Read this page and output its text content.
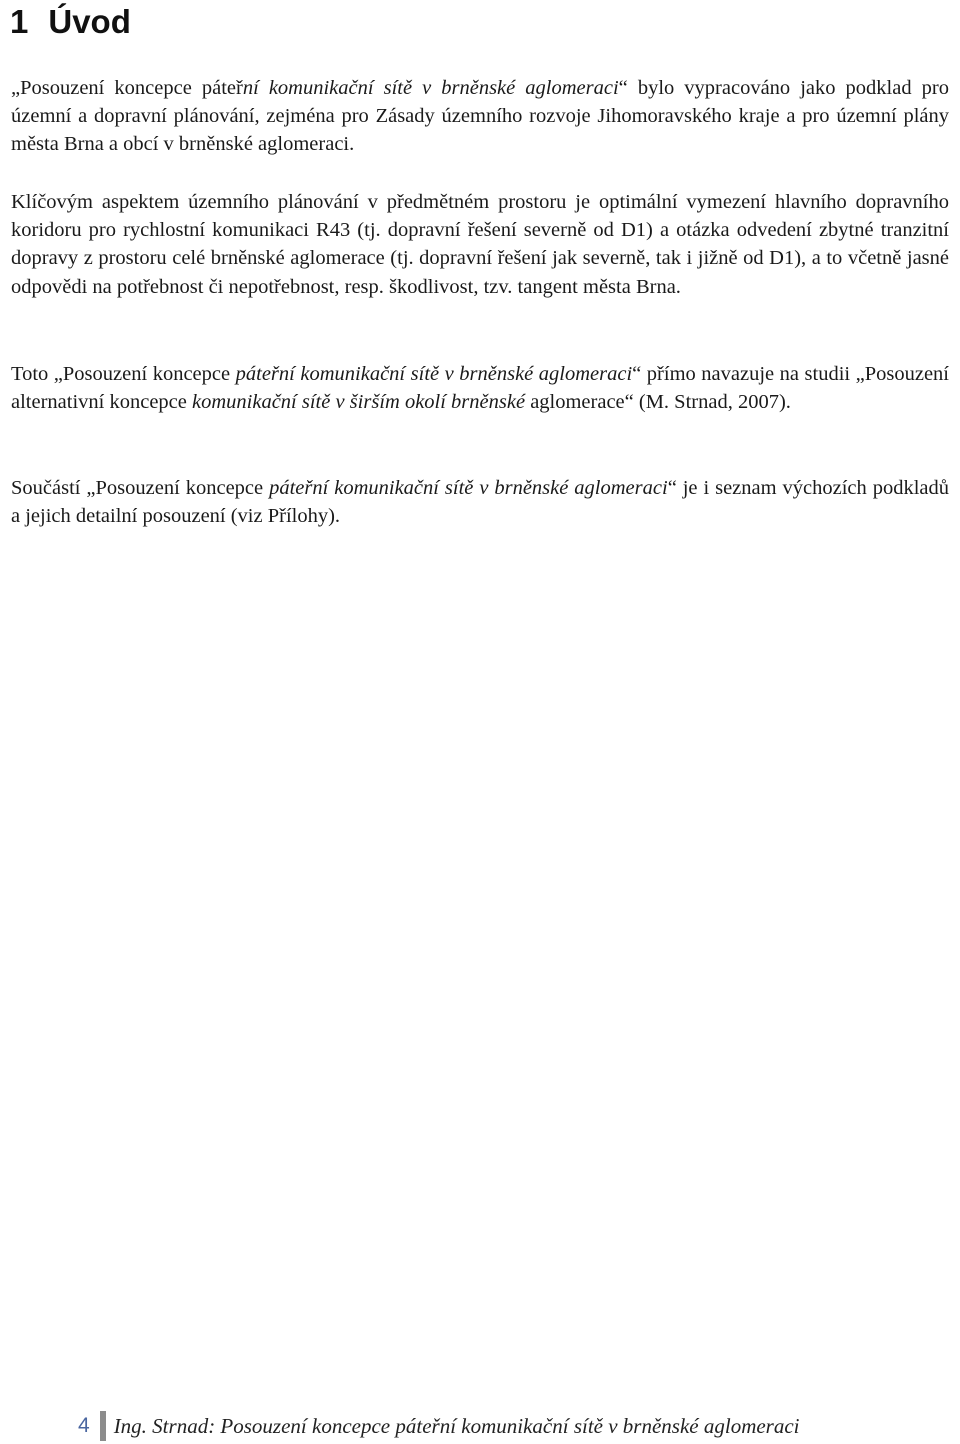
1 Úvod

„Posouzení koncepce páteřní komunikační sítě v brněnské aglomeraci“ bylo vypracováno jako podklad pro územní a dopravní plánování, zejména pro Zásady územního rozvoje Jihomoravského kraje a pro územní plány města Brna a obcí v brněnské aglomeraci.

Klíčovým aspektem územního plánování v předmětném prostoru je optimální vymezení hlavního dopravního koridoru pro rychlostní komunikaci R43 (tj. dopravní řešení severně od D1) a otázka odvedení zbytné tranzitní dopravy z prostoru celé brněnské aglomerace (tj. dopravní řešení jak severně, tak i jižně od D1), a to včetně jasné odpovědi na potřebnost či nepotřebnost, resp. škodlivost, tzv. tangent města Brna.

Toto „Posouzení koncepce páteřní komunikační sítě v brněnské aglomeraci“ přímo navazuje na studii „Posouzení alternativní koncepce komunikační sítě v širším okolí brněnské aglomerace“ (M. Strnad, 2007).

Součástí „Posouzení koncepce páteřní komunikační sítě v brněnské aglomeraci“ je i seznam výchozích podkladů a jejich detailní posouzení (viz Přílohy).

4	Ing. Strnad: Posouzení koncepce páteřní komunikační sítě v brněnské aglomeraci
